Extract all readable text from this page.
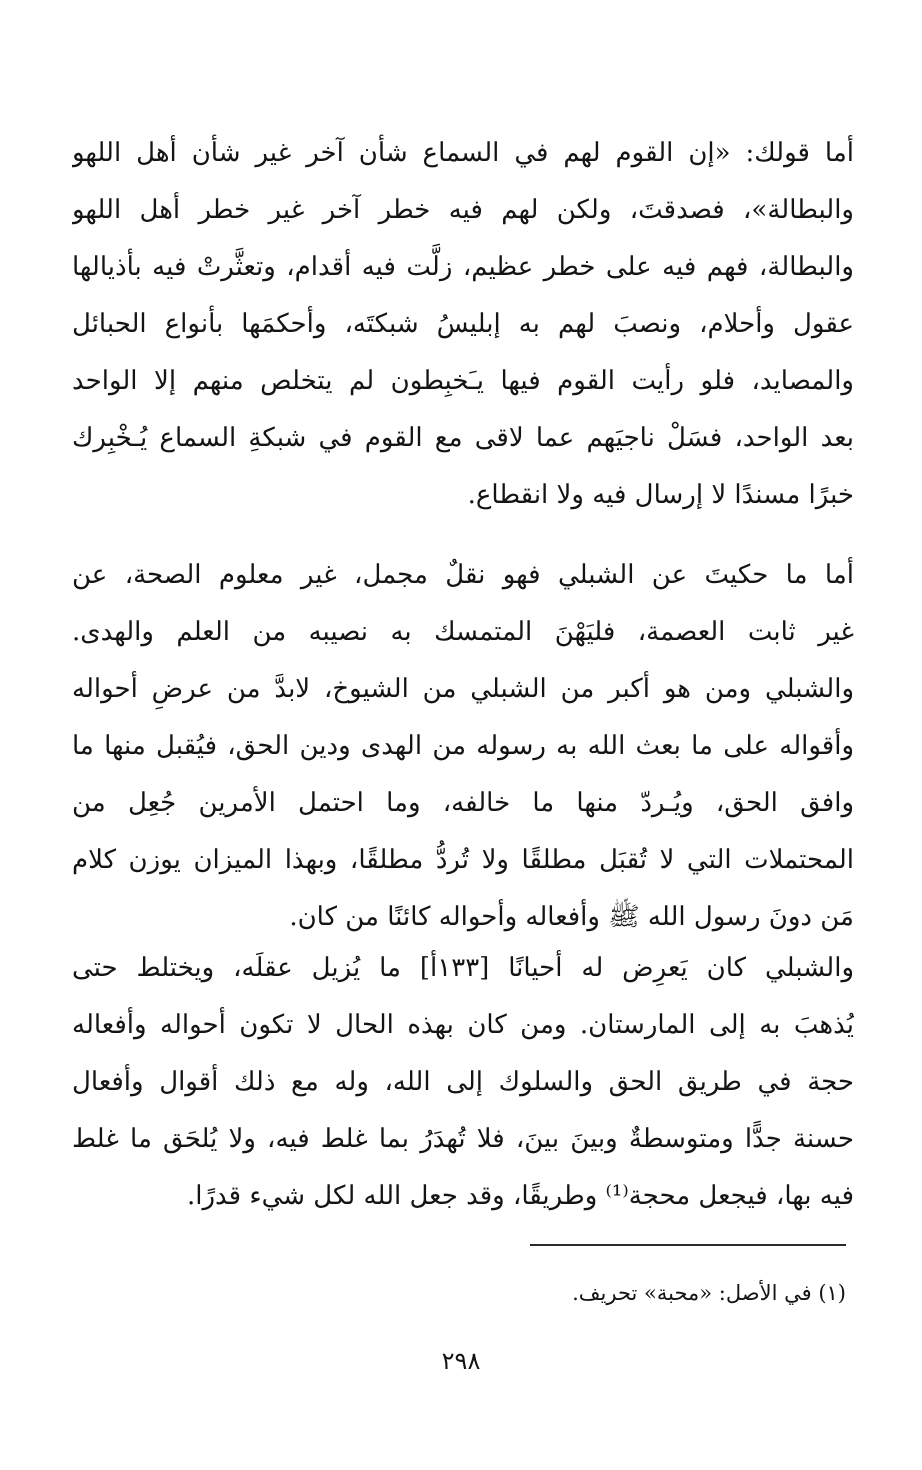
أما قولك: «إن القوم لهم في السماع شأن آخر غير شأن أهل اللهو
والبطالة»، فصدقتَ، ولكن لهم فيه خطر آخر غير خطر أهل اللهو
والبطالة، فهم فيه على خطر عظيم، زلَّت فيه أقدام، وتعثَّرتْ فيه بأذيالها
عقول وأحلام، ونصبَ لهم به إبليسُ شبكتَه، وأحكمَها بأنواع الحبائل
والمصايد، فلو رأيت القوم فيها يـَخبِطون لم يتخلص منهم إلا الواحد
بعد الواحد، فسَلْ ناجيَهم عما لاقى مع القوم في شبكةِ السماع يُـخْبِرك
خبرًا مسندًا لا إرسال فيه ولا انقطاع.
أما ما حكيتَ عن الشبلي فهو نقلٌ مجمل، غير معلوم الصحة، عن
غير ثابت العصمة، فليَهْنَ المتمسك به نصيبه من العلم والهدى.
والشبلي ومن هو أكبر من الشبلي من الشيوخ، لابدَّ من عرضِ أحواله
وأقواله على ما بعث الله به رسوله من الهدى ودين الحق، فيُقبل منها ما
وافق الحق، ويُـردّ منها ما خالفه، وما احتمل الأمرين جُعِل من
المحتملات التي لا تُقبَل مطلقًا ولا تُردُّ مطلقًا، وبهذا الميزان يوزن كلام
مَن دونَ رسول الله ﷺ وأفعاله وأحواله كائنًا من كان.
والشبلي كان يَعرِض له أحيانًا [١٣٣أ] ما يُزيل عقلَه، ويختلط حتى
يُذهبَ به إلى المارستان. ومن كان بهذه الحال لا تكون أحواله وأفعاله
حجة في طريق الحق والسلوك إلى الله، وله مع ذلك أقوال وأفعال
حسنة جدًّا ومتوسطةٌ وبينَ بينَ، فلا تُهدَرُ بما غلط فيه، ولا يُلحَق ما غلط
فيه بها، فيجعل محجة⁽¹⁾ وطريقًا، وقد جعل الله لكل شيء قدرًا.
(١) في الأصل: «محبة» تحريف.
٢٩٨
